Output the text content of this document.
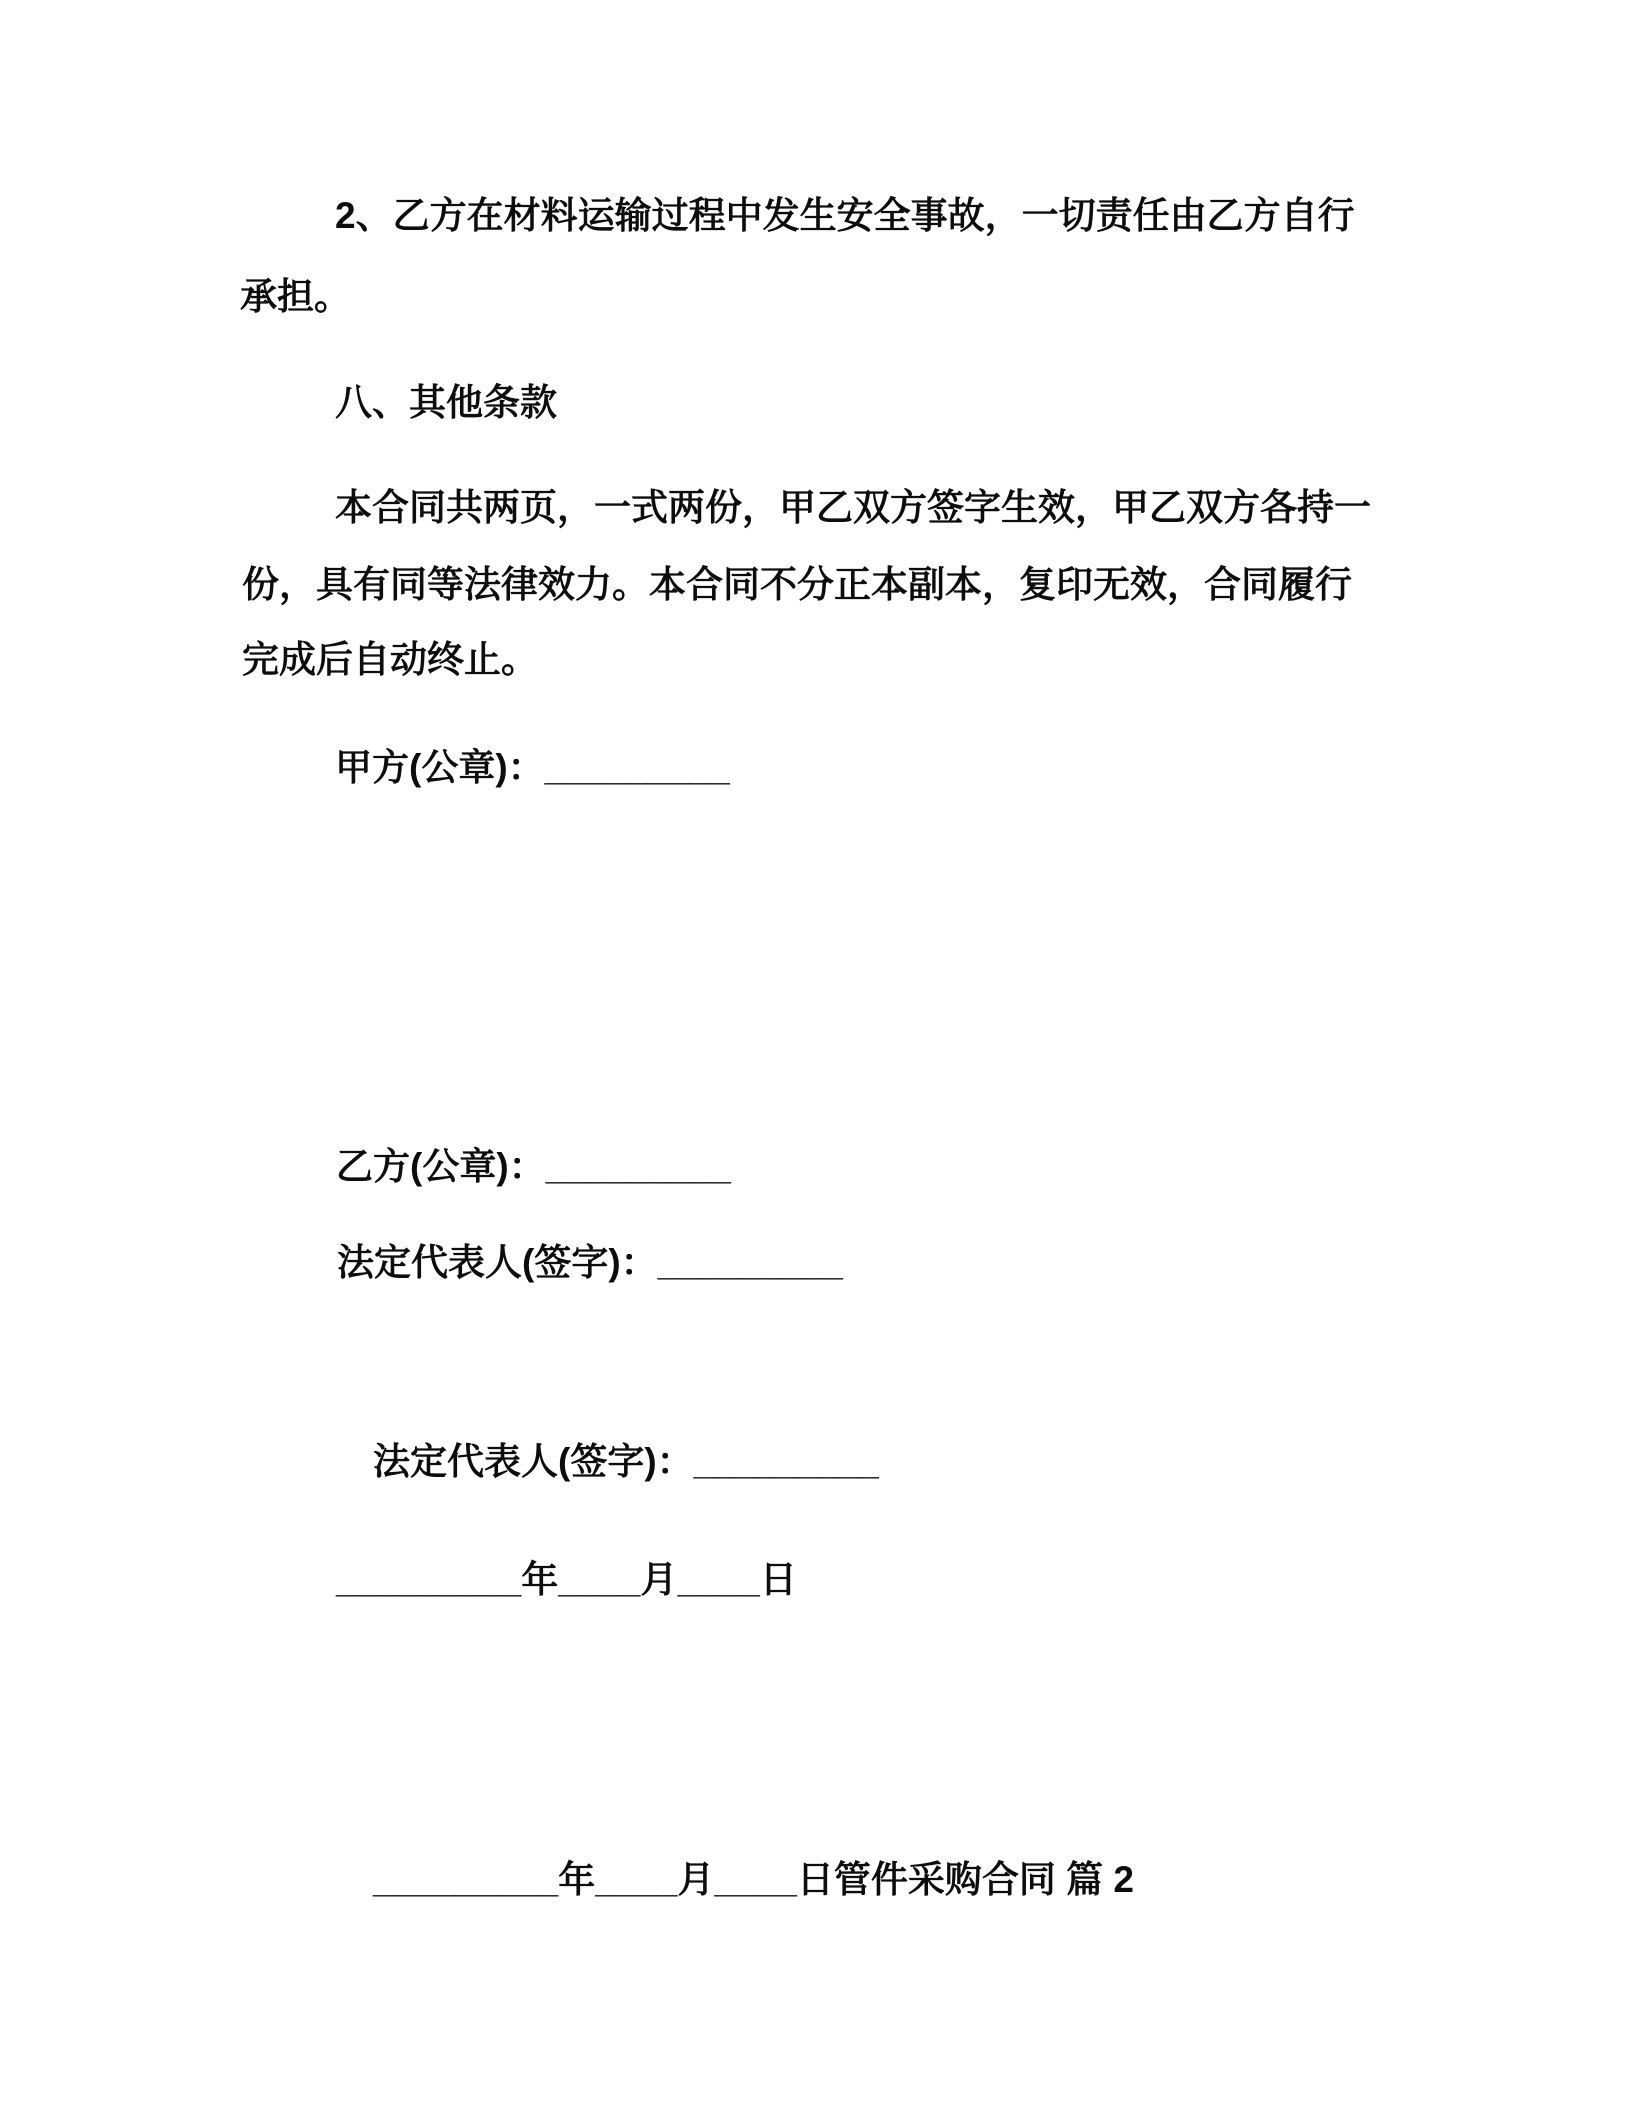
2、乙方在材料运输过程中发生安全事故，一切责任由乙方自行
承担。
八、其他条款
本合同共两页，一式两份，甲乙双方签字生效，甲乙双方各持一
份，具有同等法律效力。本合同不分正本副本，复印无效，合同履行
完成后自动终止。
甲方(公章)：_________
乙方(公章)：_________
法定代表人(签字)：_________
法定代表人(签字)：_________
_________年____月____日
_________年____月____日管件采购合同 篇 2
